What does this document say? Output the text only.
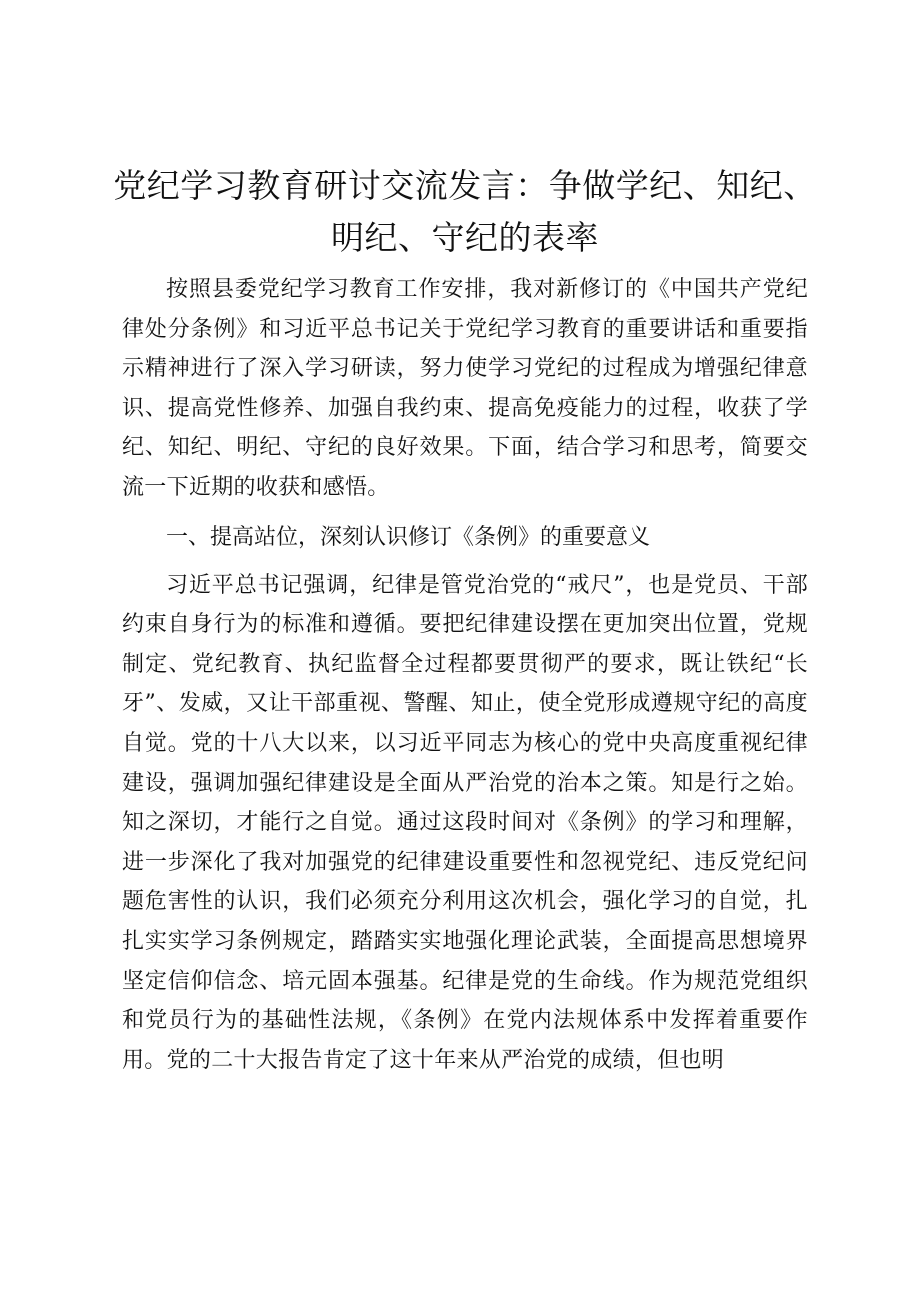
党纪学习教育研讨交流发言：争做学纪、知纪、明纪、守纪的表率

按照县委党纪学习教育工作安排，我对新修订的《中国共产党纪律处分条例》和习近平总书记关于党纪学习教育的重要讲话和重要指示精神进行了深入学习研读，努力使学习党纪的过程成为增强纪律意识、提高党性修养、加强自我约束、提高免疫能力的过程，收获了学纪、知纪、明纪、守纪的良好效果。下面，结合学习和思考，简要交流一下近期的收获和感悟。

一、提高站位，深刻认识修订《条例》的重要意义

习近平总书记强调，纪律是管党治党的“戒尺”，也是党员、干部约束自身行为的标准和遵循。要把纪律建设摆在更加突出位置，党规制定、党纪教育、执纪监督全过程都要贯彻严的要求，既让铁纪“长牙”、发威，又让干部重视、警醒、知止，使全党形成遵规守纪的高度自觉。党的十八大以来，以习近平同志为核心的党中央高度重视纪律建设，强调加强纪律建设是全面从严治党的治本之策。知是行之始。知之深切，才能行之自觉。通过这段时间对《条例》的学习和理解，进一步深化了我对加强党的纪律建设重要性和忽视党纪、违反党纪问题危害性的认识，我们必须充分利用这次机会，强化学习的自觉，扎扎实实学习条例规定，踏踏实实地强化理论武装，全面提高思想境界坚定信仰信念、培元固本强基。纪律是党的生命线。作为规范党组织和党员行为的基础性法规，《条例》在党内法规体系中发挥着重要作用。党的二十大报告肯定了这十年来从严治党的成绩，但也明
